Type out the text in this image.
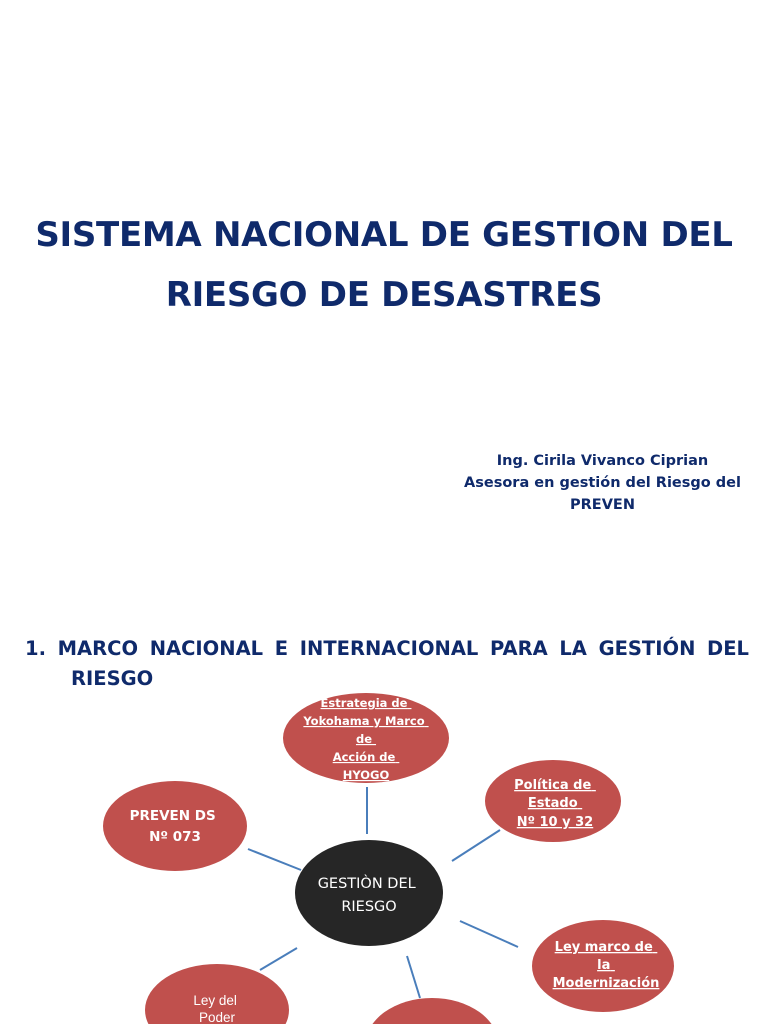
SISTEMA NACIONAL DE GESTION DEL
RIESGO DE DESASTRES
Ing. Cirila Vivanco Ciprian
Asesora en gestión del Riesgo del
PREVEN
1. MARCO NACIONAL E INTERNACIONAL PARA LA GESTIÓN DEL
RIESGO
Estrategia de Yokohama y Marco de Acción de HYOGO
Política de Estado Nº 10 y 32
PREVEN DS Nº 073
GESTIÒN DEL RIESGO
Ley marco de la Modernización
Ley del Poder
